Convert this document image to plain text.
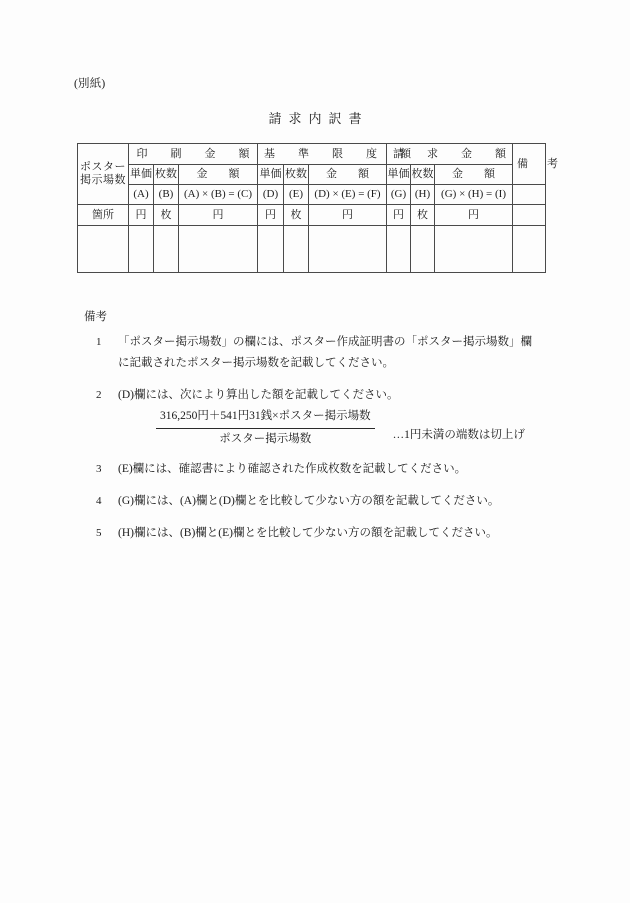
(別紙)
請求内訳書
ポスター
掲示場数	印　刷　金　額			基　準　限　度　額			請　求　金　額			備　考
	単価	枚数	金　額	単価	枚数	金　額	単価	枚数	金　額	
	(A)	(B)	(A) × (B) = (C)	(D)	(E)	(D) × (E) = (F)	(G)	(H)	(G) × (H) = (I)	
箇所	円	枚	円	円	枚	円	円	枚	円	

備考

1 「ポスター掲示場数」の欄には、ポスター作成証明書の「ポスター掲示場数」欄
に記載されたポスター掲示場数を記載してください。
2 (D)欄には、次により算出した額を記載してください。
$\frac{\text{316,250円＋541円31銭×ポスター掲示場数}}{\text{ポスター掲示場数}}$ …1円未満の端数は切上げ
3 (E)欄には、確認書により確認された作成枚数を記載してください。
4 (G)欄には、(A)欄と(D)欄とを比較して少ない方の額を記載してください。
5 (H)欄には、(B)欄と(E)欄とを比較して少ない方の額を記載してください。
